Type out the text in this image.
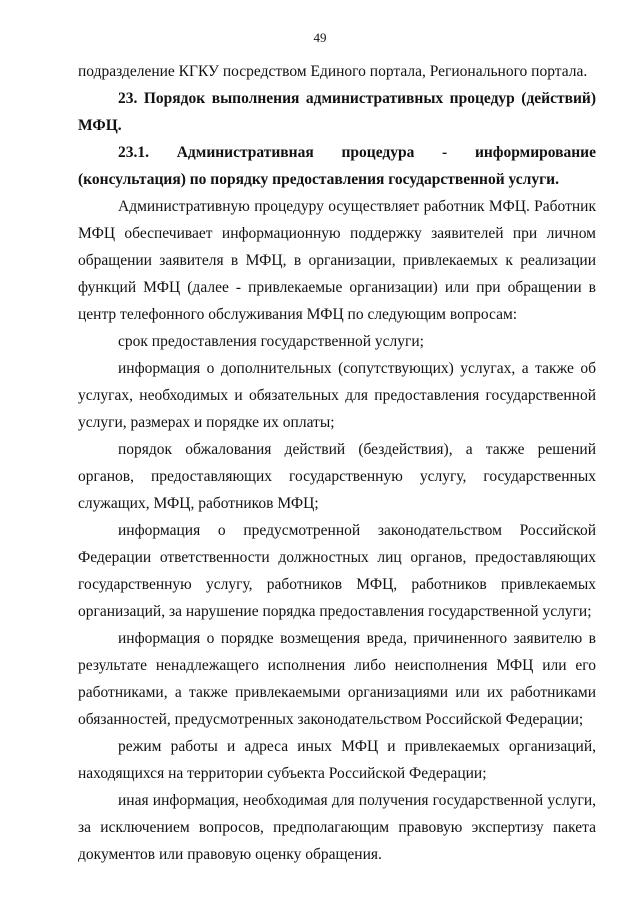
49

подразделение КГКУ посредством Единого портала, Регионального портала.

23. Порядок выполнения административных процедур (действий) МФЦ.

23.1. Административная процедура - информирование (консультация) по порядку предоставления государственной услуги.

Административную процедуру осуществляет работник МФЦ. Работник МФЦ обеспечивает информационную поддержку заявителей при личном обращении заявителя в МФЦ, в организации, привлекаемых к реализации функций МФЦ (далее - привлекаемые организации) или при обращении в центр телефонного обслуживания МФЦ по следующим вопросам:

срок предоставления государственной услуги;

информация о дополнительных (сопутствующих) услугах, а также об услугах, необходимых и обязательных для предоставления государственной услуги, размерах и порядке их оплаты;

порядок обжалования действий (бездействия), а также решений органов, предоставляющих государственную услугу, государственных служащих, МФЦ, работников МФЦ;

информация о предусмотренной законодательством Российской Федерации ответственности должностных лиц органов, предоставляющих государственную услугу, работников МФЦ, работников привлекаемых организаций, за нарушение порядка предоставления государственной услуги;

информация о порядке возмещения вреда, причиненного заявителю в результате ненадлежащего исполнения либо неисполнения МФЦ или его работниками, а также привлекаемыми организациями или их работниками обязанностей, предусмотренных законодательством Российской Федерации;

режим работы и адреса иных МФЦ и привлекаемых организаций, находящихся на территории субъекта Российской Федерации;

иная информация, необходимая для получения государственной услуги, за исключением вопросов, предполагающим правовую экспертизу пакета документов или правовую оценку обращения.
